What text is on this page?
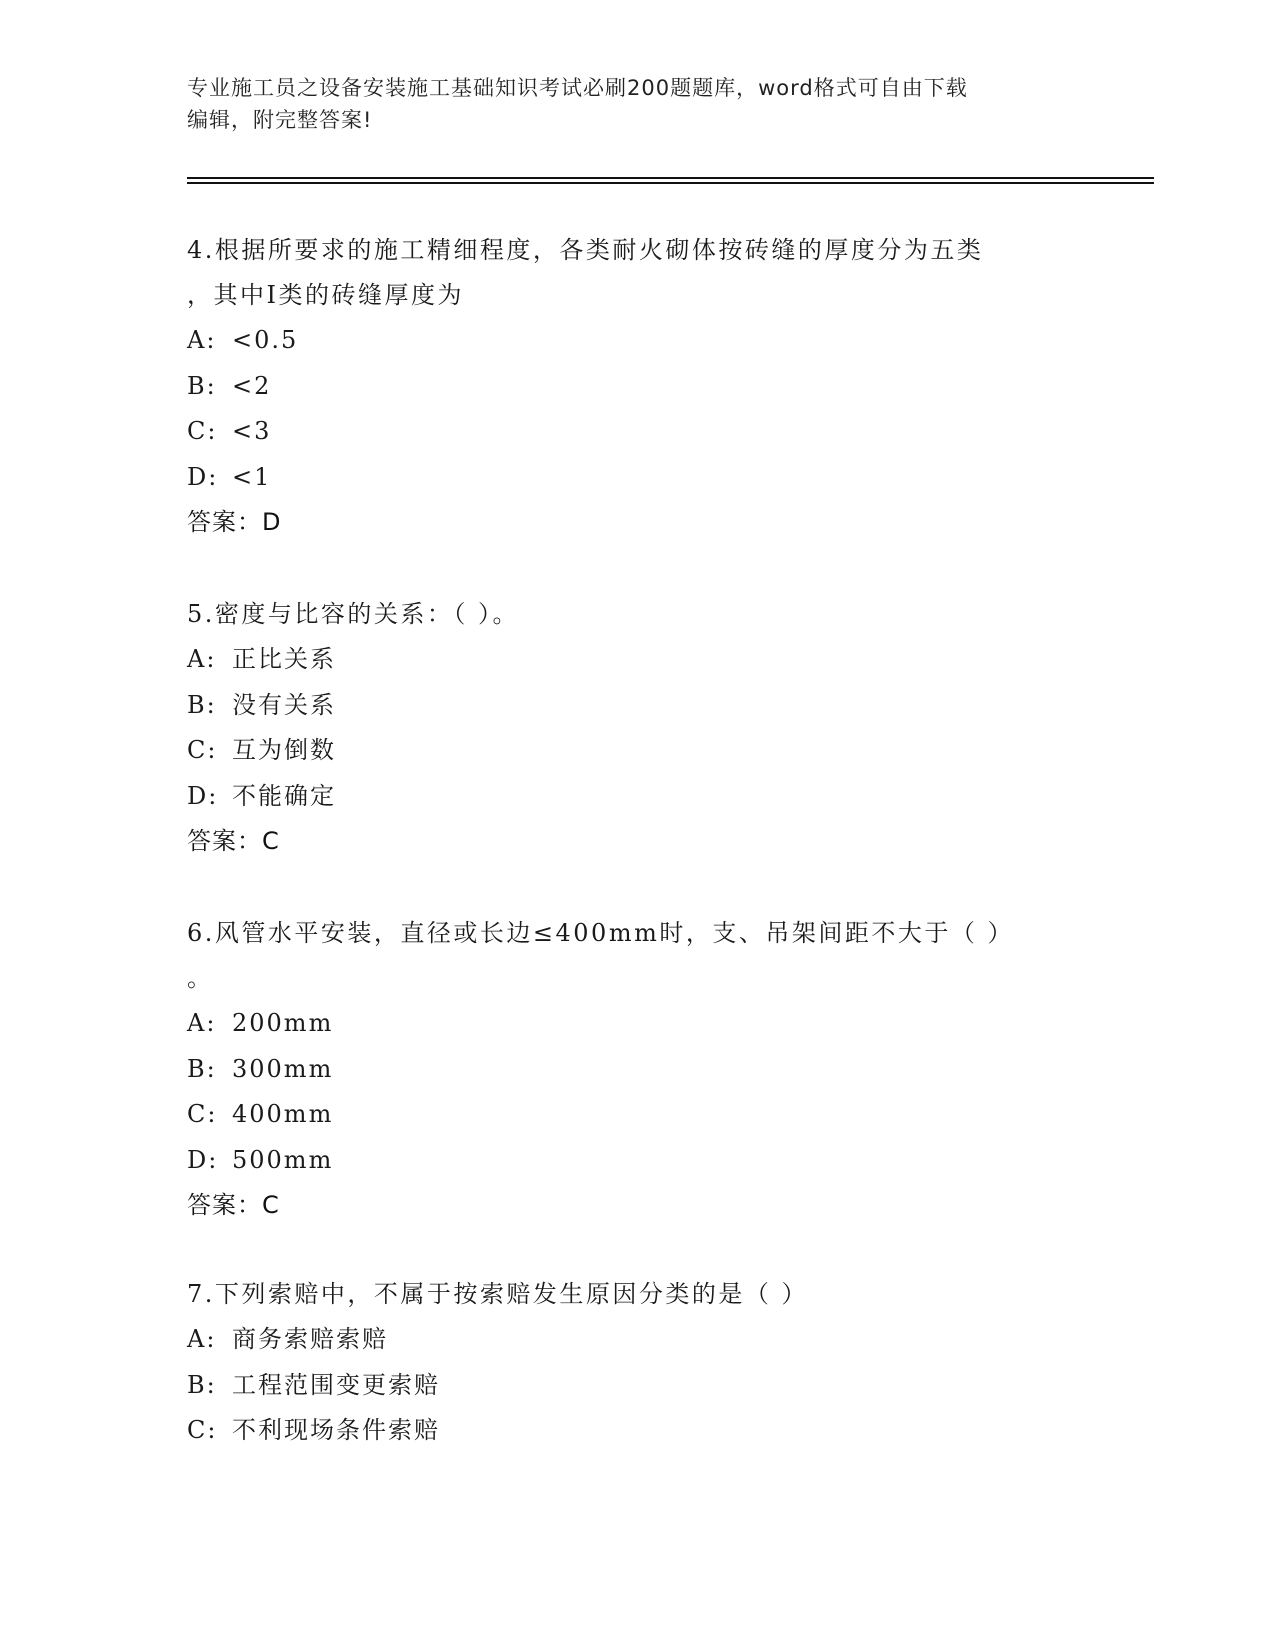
专业施工员之设备安装施工基础知识考试必刷200题题库，word格式可自由下载
编辑，附完整答案!

4.根据所要求的施工精细程度，各类耐火砌体按砖缝的厚度分为五类

，其中Ⅰ类的砖缝厚度为

A: <0.5

B: <2

C: <3

D: <1

答案：D

5.密度与比容的关系：（ ）。

A: 正比关系

B: 没有关系

C: 互为倒数

D: 不能确定

答案：C

6.风管水平安装，直径或长边≤400mm时，支、吊架间距不大于（ ）

。

A: 200mm

B: 300mm

C: 400mm

D: 500mm

答案：C

7.下列索赔中，不属于按索赔发生原因分类的是（ ）

A: 商务索赔索赔

B: 工程范围变更索赔

C: 不利现场条件索赔
